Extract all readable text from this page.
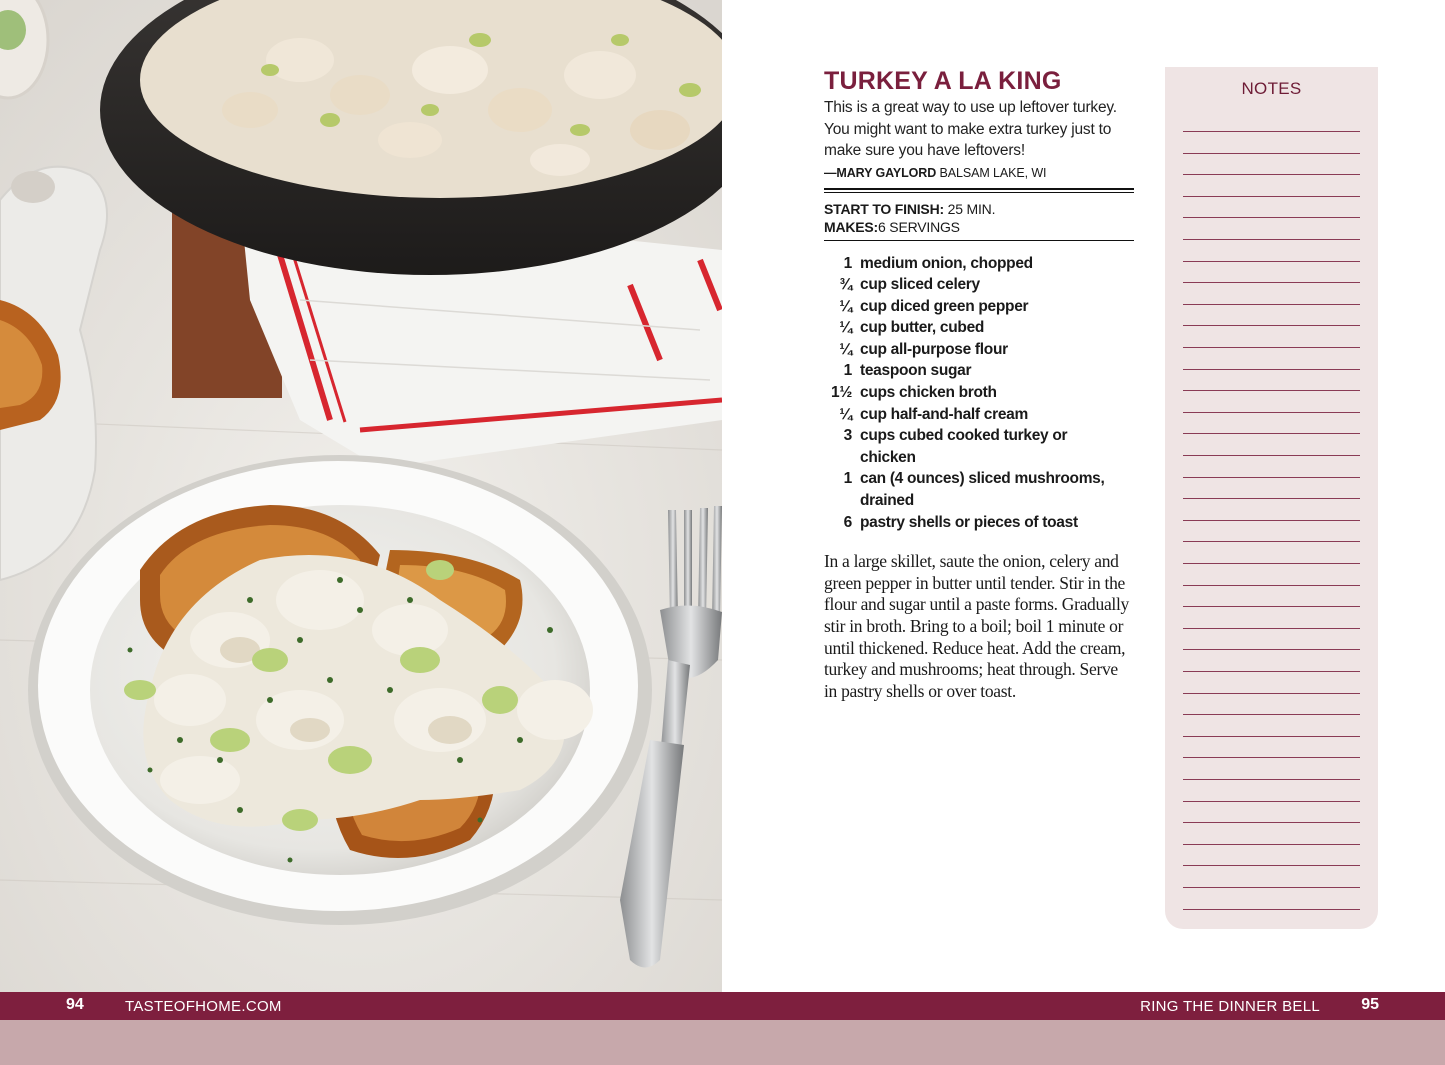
TURKEY A LA KING

This is a great way to use up leftover turkey. You might want to make extra turkey just to make sure you have leftovers!

—MARY GAYLORD BALSAM LAKE, WI

START TO FINISH: 25 MIN.
MAKES:6 SERVINGS
1 medium onion, chopped
¾ cup sliced celery
¼ cup diced green pepper
¼ cup butter, cubed
¼ cup all-purpose flour
1 teaspoon sugar
1½ cups chicken broth
¼ cup half-and-half cream
3 cups cubed cooked turkey or chicken
1 can (4 ounces) sliced mushrooms, drained
6 pastry shells or pieces of toast

In a large skillet, saute the onion, celery and green pepper in butter until tender. Stir in the flour and sugar until a paste forms. Gradually stir in broth. Bring to a boil; boil 1 minute or until thickened. Reduce heat. Add the cream, turkey and mushrooms; heat through. Serve in pastry shells or over toast.

NOTES
94	TASTEOFHOME.COM	RING THE DINNER BELL	95
